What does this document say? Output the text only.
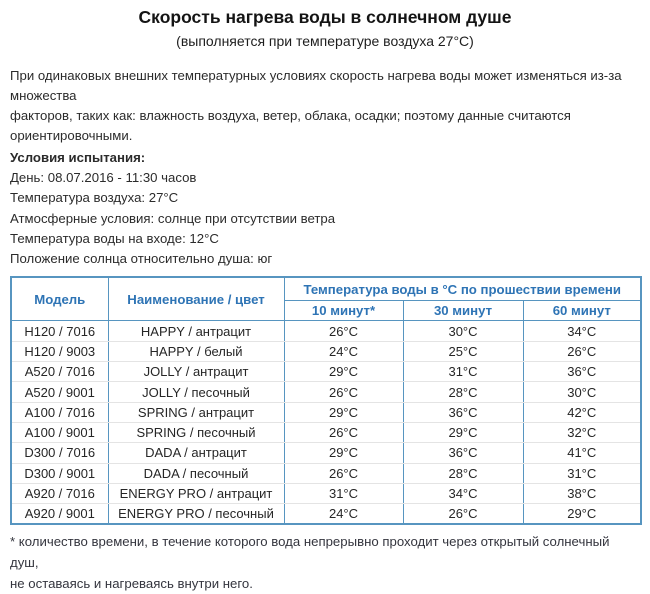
Скорость нагрева воды в солнечном душе
(выполняется при температуре воздуха 27°С)
При одинаковых внешних температурных условиях скорость нагрева воды может изменяться из-за множества
факторов, таких как: влажность воздуха, ветер, облака, осадки; поэтому данные считаются ориентировочными.
Условия испытания:
День: 08.07.2016 - 11:30 часов
Температура воздуха: 27°С
Атмосферные условия: солнце при отсутствии ветра
Температура воды на входе: 12°С
Положение солнца относительно душа: юг
Модель	Наименование / цвет	Температура воды в °С по прошествии времени		
		10 минут*	30 минут	60 минут
H120 / 7016	HAPPY / антрацит	26°С	30°С	34°С
H120 / 9003	HAPPY / белый	24°С	25°С	26°С
A520 / 7016	JOLLY / антрацит	29°С	31°С	36°С
A520 / 9001	JOLLY / песочный	26°С	28°С	30°С
A100 / 7016	SPRING / антрацит	29°С	36°С	42°С
A100 / 9001	SPRING / песочный	26°С	29°С	32°С
D300 / 7016	DADA / антрацит	29°С	36°С	41°С
D300 / 9001	DADA / песочный	26°С	28°С	31°С
A920 / 7016	ENERGY PRO / антрацит	31°С	34°С	38°С
A920 / 9001	ENERGY PRO / песочный	24°С	26°С	29°С
* количество времени, в течение которого вода непрерывно проходит через открытый солнечный душ,
не оставаясь и нагреваясь внутри него.
